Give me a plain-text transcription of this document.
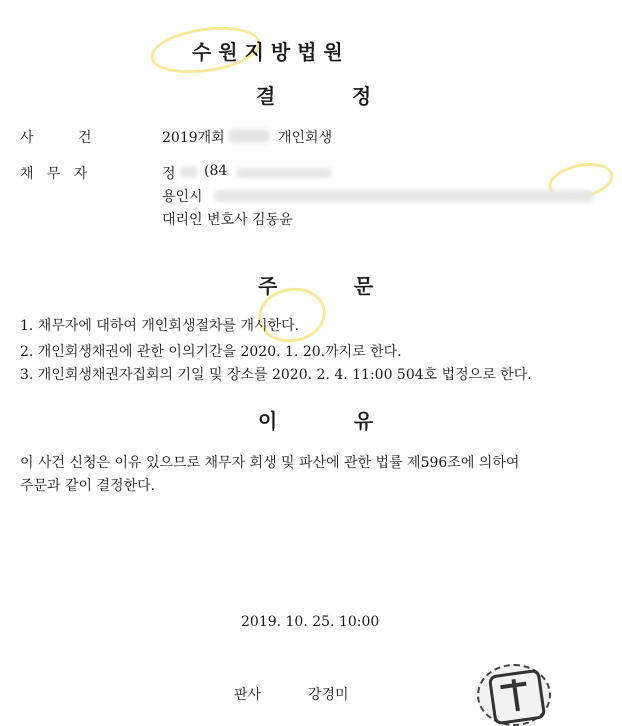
수 원 지 방 법 원
결           정
사          건	2019개회	개인회생
채   무   자	정 (84
용인시
대리인 변호사 김동윤
주           문
1. 채무자에 대하여 개인회생절차를 개시한다.
2. 개인회생채권에 관한 이의기간을 2020. 1. 20.까지로 한다.
3. 개인회생채권자집회의 기일 및 장소를 2020. 2. 4. 11:00 504호 법정으로 한다.
이           유
이 사건 신청은 이유 있으므로 채무자 회생 및 파산에 관한 법률 제596조에 의하여
주문과 같이 결정한다.
2019. 10. 25. 10:00
판사	강경미
